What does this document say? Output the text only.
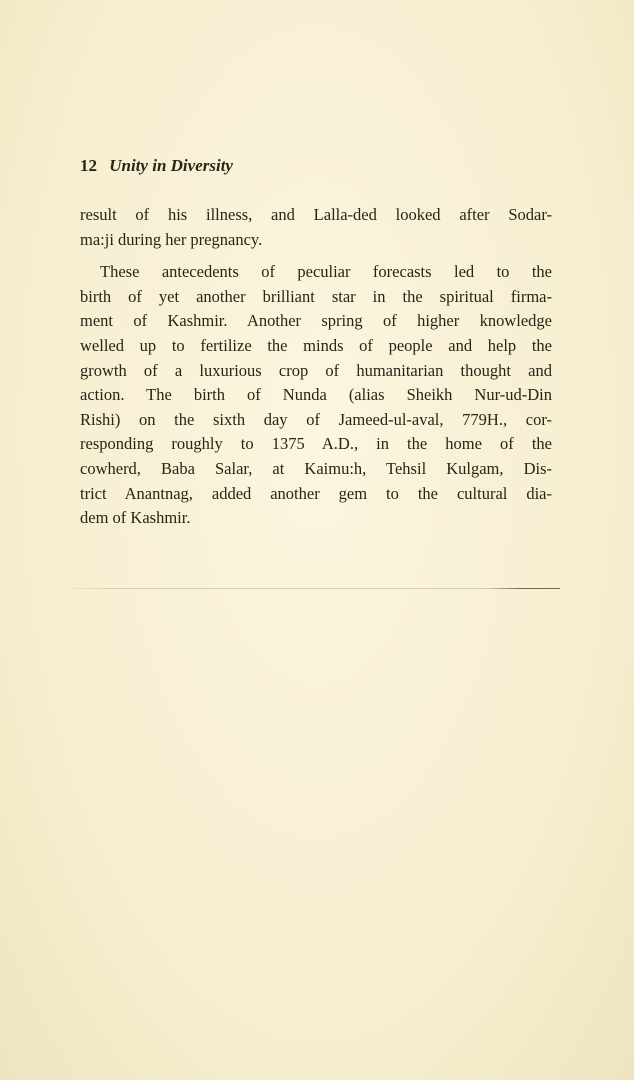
12 Unity in Diversity
result of his illness, and Lalla-ded looked after Sodar-
ma:ji during her pregnancy.
These antecedents of peculiar forecasts led to the
birth of yet another brilliant star in the spiritual firma-
ment of Kashmir. Another spring of higher knowledge
welled up to fertilize the minds of people and help the
growth of a luxurious crop of humanitarian thought and
action. The birth of Nunda (alias Sheikh Nur-ud-Din
Rishi) on the sixth day of Jameed-ul-aval, 779H., cor-
responding roughly to 1375 A.D., in the home of the
cowherd, Baba Salar, at Kaimu:h, Tehsil Kulgam, Dis-
trict Anantnag, added another gem to the cultural dia-
dem of Kashmir.
